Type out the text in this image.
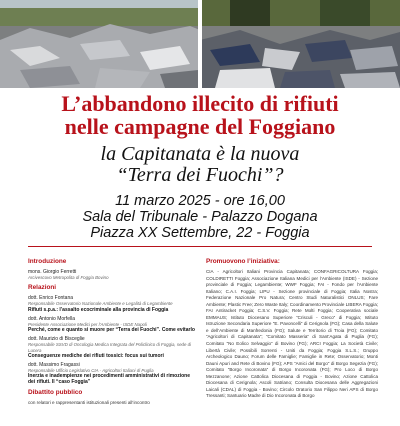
L’abbandono illecito di rifiuti
nelle campagne del Foggiano
la Capitanata è la nuova
“Terra dei Fuochi”?
11 marzo 2025 - ore 16,00
Sala del Tribunale - Palazzo Dogana
Piazza XX Settembre, 22 - Foggia
Introduzione
mons. Giorgio Ferretti
Arcivescovo Metropolita di Foggia Bovino
Relazioni
dott. Enrico Fontana
Responsabile Osservatorio Nazionale Ambiente e Legalità di Legambiente
Rifiuti s.p.a.: l’assalto ecocriminale alla provincia di Foggia
dott. Antonio Morfella
Presidente Associazione Medici per l’Ambiente - ISDE Napoli
Perché, come e quanto si muore per “Terra dei Fuochi”. Come evitarlo
dott. Maurizio di Bisceglie
Responsabile SSVD di Oncologia Medica Integrata del Policlinico di Foggia, sede di Lucera
Conseguenze mediche dei rifiuti tossici: focus sui tumori
dott. Massimo Fragassi
Responsabile Ufficio Legislativo CIA - Agricoltori Italiani di Puglia
Inerzia e inadempienze nei procedimenti amministrativi di rimozione dei rifiuti. Il “caso Foggia”
Dibattito pubblico
con relatori e rappresentanti istituzionali presenti all’incontro
Promuovono l’iniziativa:
CIA - Agricoltori Italiani Provincia Capitanata; CONFAGRICOLTURA Foggia; COLDIRETTI Foggia; Associazione Italiana Medici per l’Ambiente (ISDE) - Sezione provinciale di Foggia; Legambiente; WWF Foggia; FAI - Fondo per l’Ambiente Italiano; C.A.I. Foggia; LIPU - Sezione provinciale di Foggia; Italia Nostra; Federazione Nazionale Pro Natura; Centro Studi Naturalistici ONLUS; Fare Ambiente; Plastic Free; Zero Waste Italy; Coordinamento Provinciale LIBERA Foggia; FAI Antiracket Foggia; C.S.V. Foggia; Rete Molti Foggia; Cooperativa sociale EMMAUS; Istituto Diocesano Superiore “Crisculi - Greco” di Foggia; Istituto Istruzione Secondaria Superiore “E. Pavoncelli” di Cerignola (FG); Casa della Salute e dell’Ambiente di Manfredonia (FG); Salute e Territorio di Troia (FG); Comitato “Agricoltori di Capitanata”; “Comitato Masseria” di Sant’Agata di Puglia (FG); Comitato “No Eolico Selvaggio” di Bovino (FG); ARCI Foggia; La Società Civile; Libertà Civile; Possibili Sorrenti - Uniti da Foggia; Foggia S.L.S.; Gruppo Archeologico Dauno; Forum delle Famiglie; Famiglie in Rete; Osservatorio; Monti Dauni Apuri and Rete di Bovino (FG); APS “Amici del Borgo” di Borgo Segezia (FG); Comitato “Borgo Incoronata” di Borgo Incoronata (FG); Pro Loco di Borgo Mezzanone; Azione Cattolica Diocesana di Foggia - Bovino; Azione Cattolica Diocesana di Cerignola; Ascoli Satriano; Consulta Diocesana delle Aggregazioni Laicali (CDAL) di Foggia - Bovino; Circolo Oratorio San Filippo Neri APS di Borgo Tressanti; Santuario Madre di Dio Incoronata di Borgo
